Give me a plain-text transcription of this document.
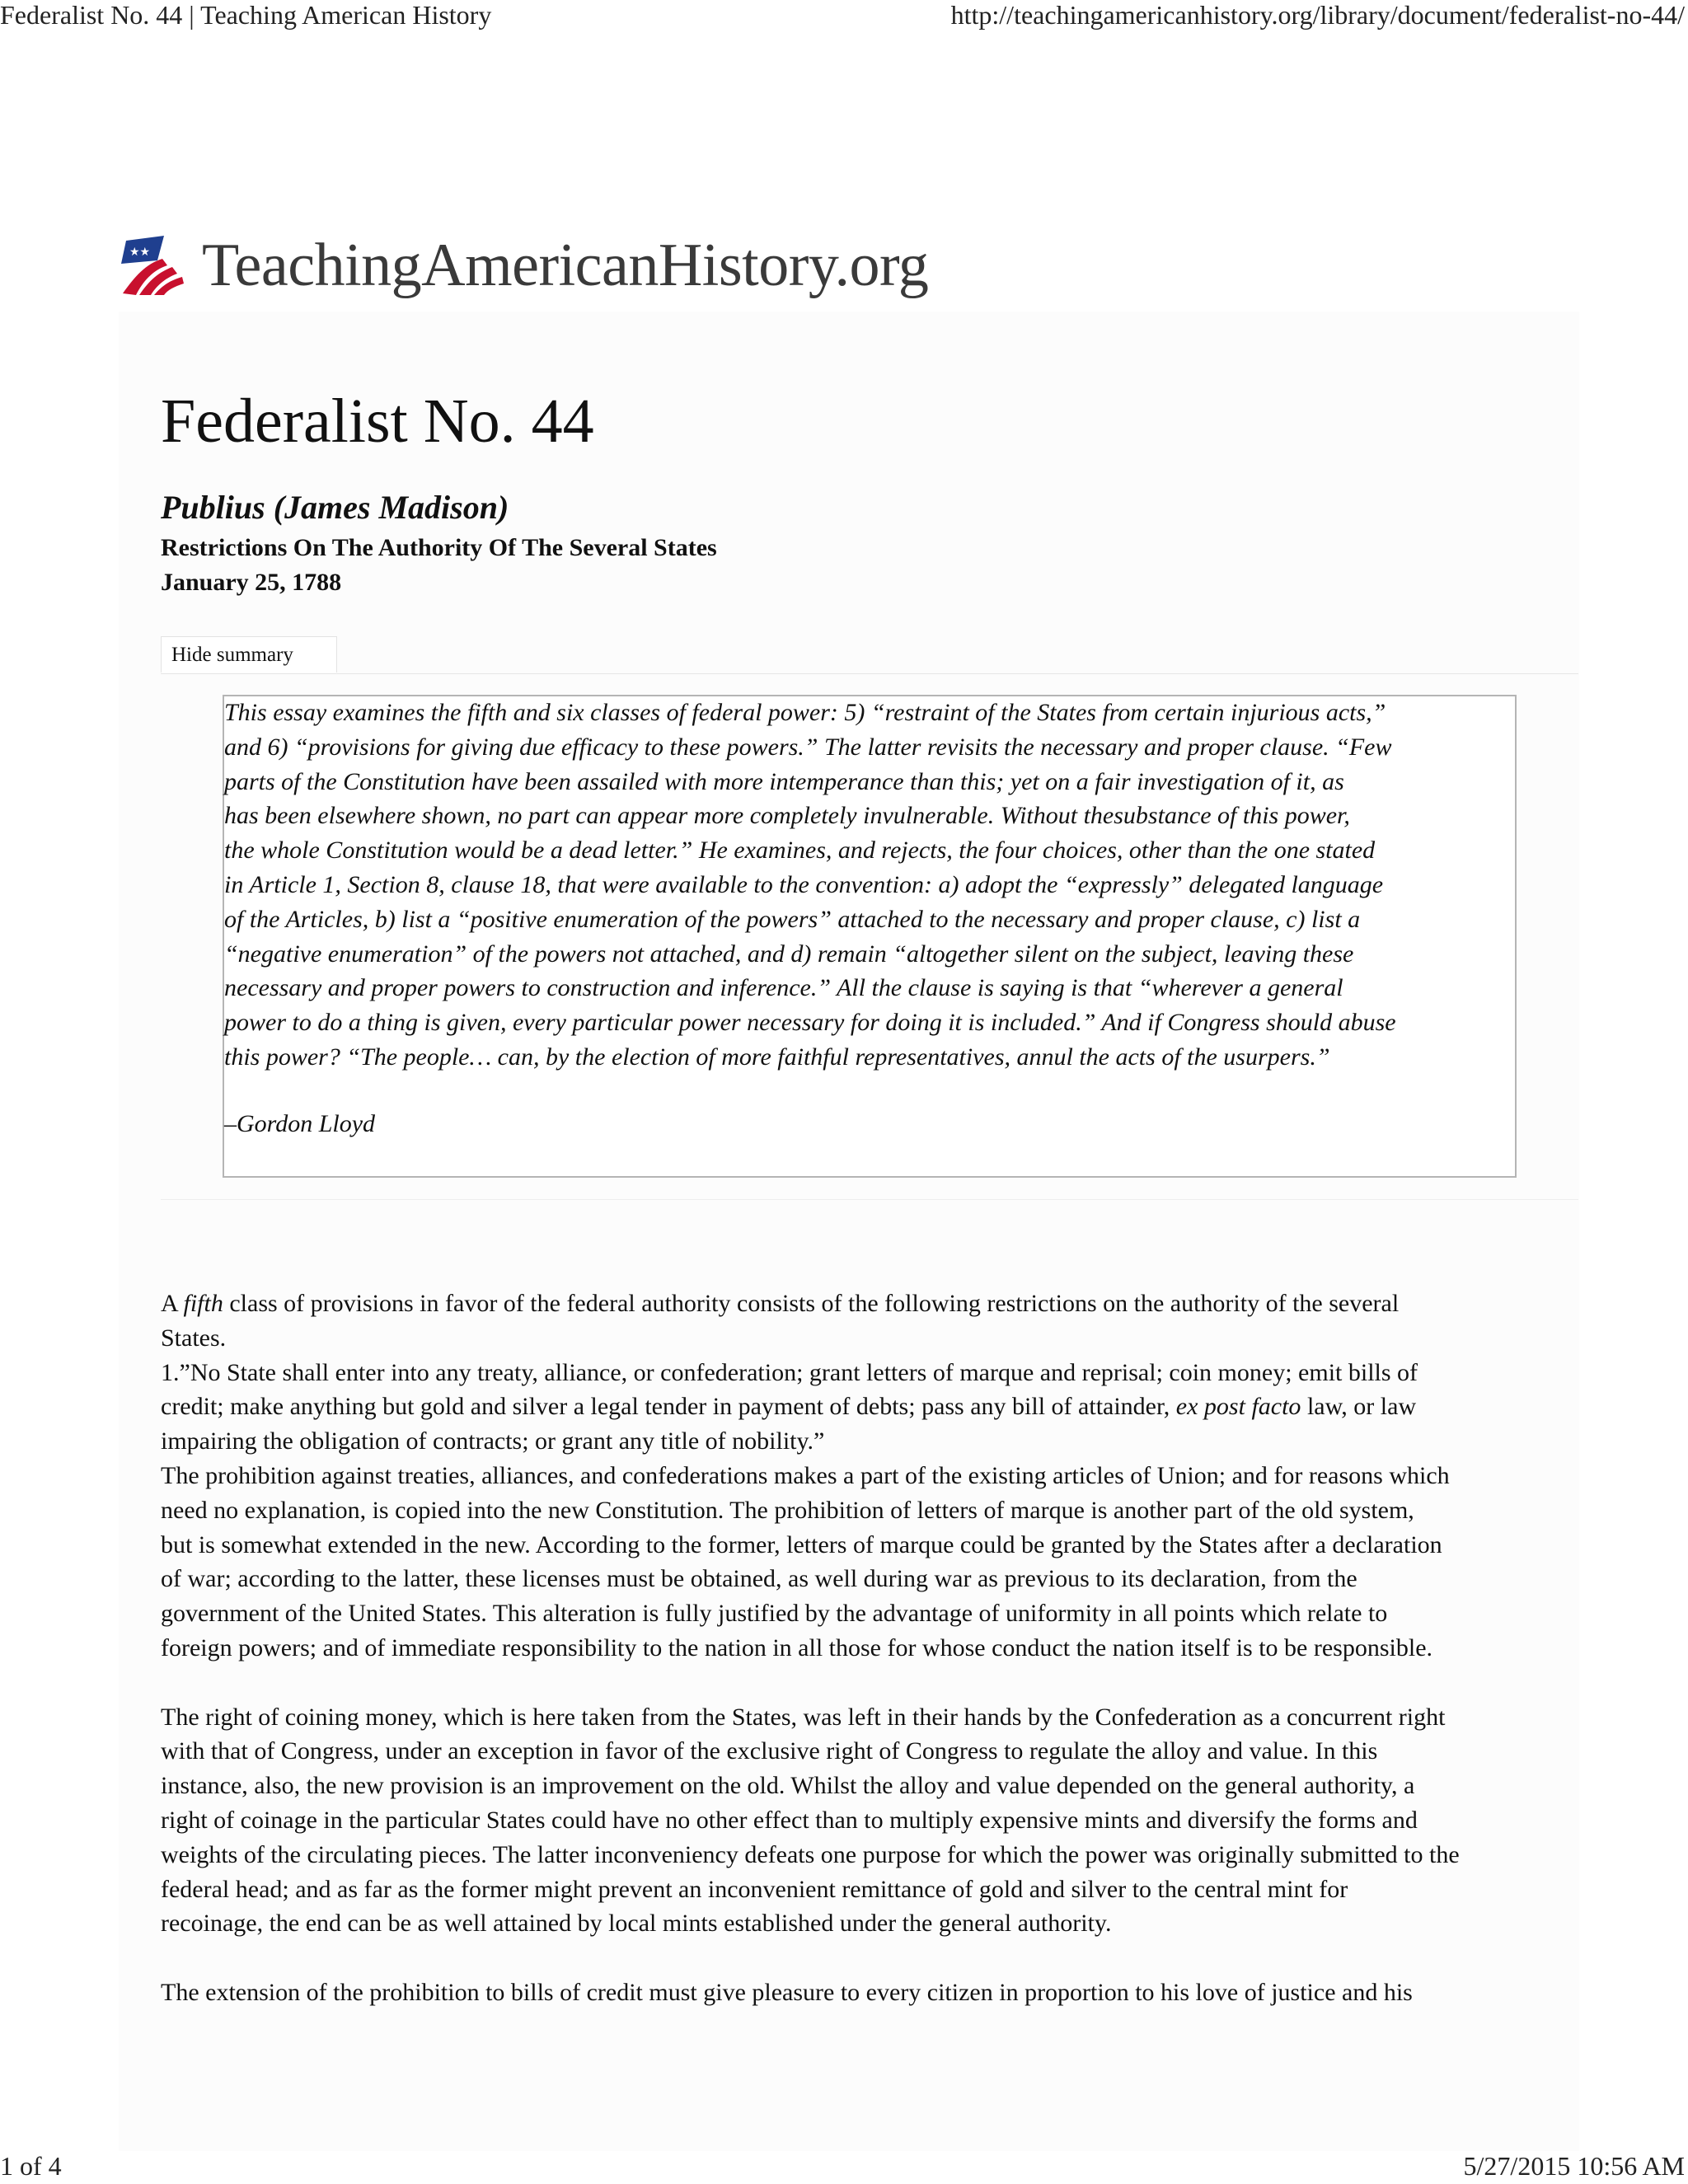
Federalist No. 44 | Teaching American History	http://teachingamericanhistory.org/library/document/federalist-no-44/
★★ TeachingAmericanHistory.org
Federalist No. 44
Publius (James Madison)
Restrictions On The Authority Of The Several States
January 25, 1788
Hide summary
This essay examines the fifth and six classes of federal power: 5) “restraint of the States from certain injurious acts,”
and 6) “provisions for giving due efficacy to these powers.” The latter revisits the necessary and proper clause. “Few
parts of the Constitution have been assailed with more intemperance than this; yet on a fair investigation of it, as
has been elsewhere shown, no part can appear more completely invulnerable. Without thesubstance of this power,
the whole Constitution would be a dead letter.” He examines, and rejects, the four choices, other than the one stated
in Article 1, Section 8, clause 18, that were available to the convention: a) adopt the “expressly” delegated language
of the Articles, b) list a “positive enumeration of the powers” attached to the necessary and proper clause, c) list a
“negative enumeration” of the powers not attached, and d) remain “altogether silent on the subject, leaving these
necessary and proper powers to construction and inference.” All the clause is saying is that “wherever a general
power to do a thing is given, every particular power necessary for doing it is included.” And if Congress should abuse
this power? “The people… can, by the election of more faithful representatives, annul the acts of the usurpers.”
–Gordon Lloyd
A fifth class of provisions in favor of the federal authority consists of the following restrictions on the authority of the several
States.
1.”No State shall enter into any treaty, alliance, or confederation; grant letters of marque and reprisal; coin money; emit bills of
credit; make anything but gold and silver a legal tender in payment of debts; pass any bill of attainder, ex post facto law, or law
impairing the obligation of contracts; or grant any title of nobility.”
The prohibition against treaties, alliances, and confederations makes a part of the existing articles of Union; and for reasons which
need no explanation, is copied into the new Constitution. The prohibition of letters of marque is another part of the old system,
but is somewhat extended in the new. According to the former, letters of marque could be granted by the States after a declaration
of war; according to the latter, these licenses must be obtained, as well during war as previous to its declaration, from the
government of the United States. This alteration is fully justified by the advantage of uniformity in all points which relate to
foreign powers; and of immediate responsibility to the nation in all those for whose conduct the nation itself is to be responsible.
The right of coining money, which is here taken from the States, was left in their hands by the Confederation as a concurrent right
with that of Congress, under an exception in favor of the exclusive right of Congress to regulate the alloy and value. In this
instance, also, the new provision is an improvement on the old. Whilst the alloy and value depended on the general authority, a
right of coinage in the particular States could have no other effect than to multiply expensive mints and diversify the forms and
weights of the circulating pieces. The latter inconveniency defeats one purpose for which the power was originally submitted to the
federal head; and as far as the former might prevent an inconvenient remittance of gold and silver to the central mint for
recoinage, the end can be as well attained by local mints established under the general authority.
The extension of the prohibition to bills of credit must give pleasure to every citizen in proportion to his love of justice and his
1 of 4	5/27/2015 10:56 AM
